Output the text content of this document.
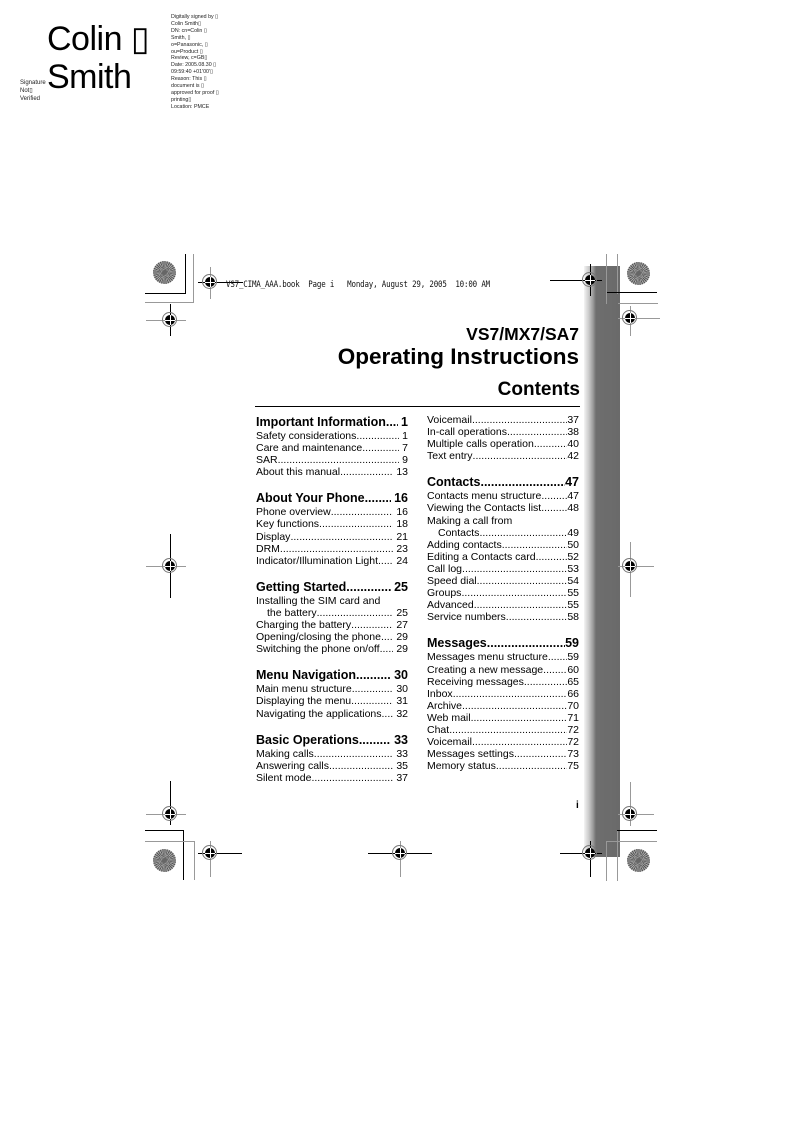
Colin ▯
Smith
Signature
Not▯
Verified
Digitally signed by ▯
Colin Smith▯
DN: cn=Colin ▯
Smith, ▯
o=Panasonic, ▯
ou=Product ▯
Review, c=GB▯
Date: 2005.08.30 ▯
09:59:40 +01'00'▯
Reason: This ▯
document is ▯
approved for proof ▯
printing▯
Location: PMCE
VS7_CIMA_AAA.book  Page i   Monday, August 29, 2005  10:00 AM
VS7/MX7/SA7
Operating Instructions
Contents
Important Information ..... 1
Safety considerations .....	1
Care and maintenance .....	7
SAR .....	9
About this manual .....	13
About Your Phone ..... 16
Phone overview .....	16
Key functions .....	18
Display .....	21
DRM .....	23
Indicator/Illumination Light ..... 24
Getting Started .....	25
Installing the SIM card and
the battery .....	25
Charging the battery .....	27
Opening/closing the phone ..... 29
Switching the phone on/off ..... 29
Menu Navigation .....	30
Main menu structure .....	30
Displaying the menu .....	31
Navigating the applications ..... 32
Basic Operations .....	33
Making calls .....	33
Answering calls .....	35
Silent mode .....	37
Voicemail .....	37
In-call operations .....	38
Multiple calls operation .....	40
Text entry .....	42
Contacts .....	47
Contacts menu structure ..... 47
Viewing the Contacts list ..... 48
Making a call from
Contacts .....	49
Adding contacts .....	50
Editing a Contacts card .....	52
Call log .....	53
Speed dial .....	54
Groups .....	55
Advanced .....	55
Service numbers .....	58
Messages .....	59
Messages menu structure ..... 59
Creating a new message ..... 60
Receiving messages .....	65
Inbox .....	66
Archive .....	70
Web mail .....	71
Chat .....	72
Voicemail .....	72
Messages settings .....	73
Memory status .....	75
i
